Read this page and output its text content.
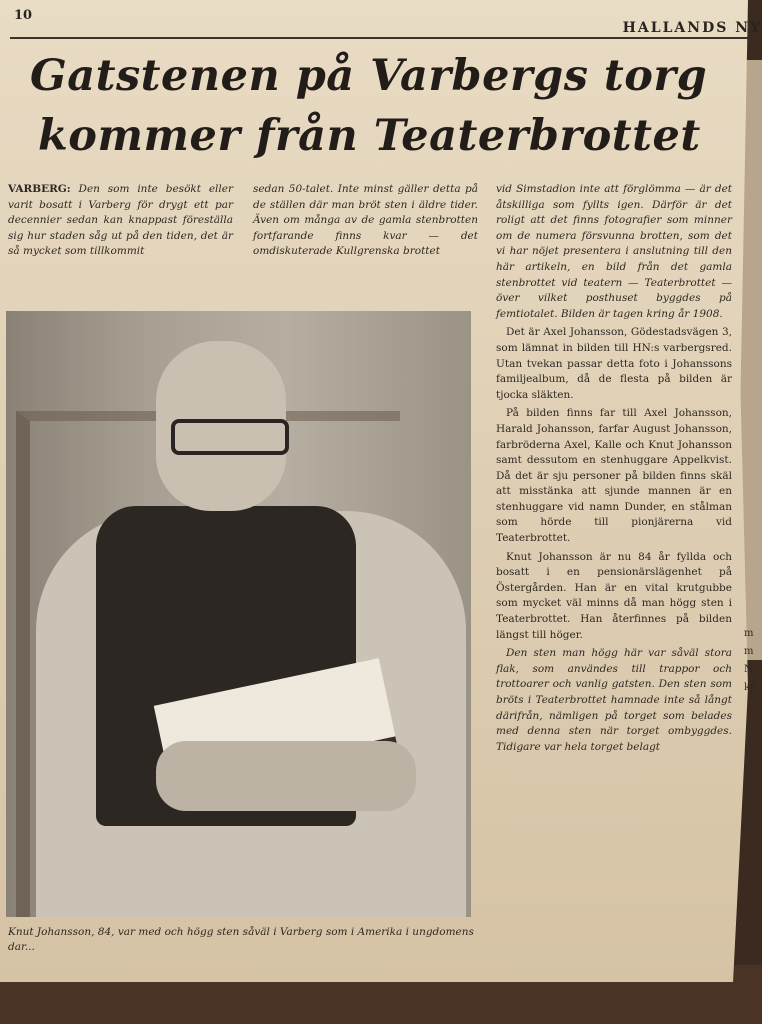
10
HALLANDS NY
Gatstenen på Varbergs torg
kommer från Teaterbrottet

VARBERG: Den som inte besökt eller varit bosatt i Varberg för drygt ett par decennier sedan kan knappast föreställa sig hur staden såg ut på den tiden, det är så mycket som tillkommit

sedan 50-talet. Inte minst gäller detta på de ställen där man bröt sten i äldre tider. Även om många av de gamla stenbrotten fortfarande finns kvar — det omdiskuterade Kullgrenska brottet

vid Simstadion inte att förglömma — är det åtskilliga som fyllts igen. Därför är det roligt att det finns fotografier som minner om de numera försvunna brotten, som det vi har nöjet presentera i anslutning till den här artikeln, en bild från det gamla stenbrottet vid teatern — Teaterbrottet — över vilket posthuset byggdes på femtiotalet. Bilden är tagen kring år 1908.

Det är Axel Johansson, Gödestadsvägen 3, som lämnat in bilden till HN:s varbergsred. Utan tvekan passar detta foto i Johanssons familjealbum, då de flesta på bilden är tjocka släkten.

På bilden finns far till Axel Johansson, Harald Johansson, farfar August Johansson, farbröderna Axel, Kalle och Knut Johansson samt dessutom en stenhuggare Appelkvist. Då det är sju personer på bilden finns skäl att misstänka att sjunde mannen är en stenhuggare vid namn Dunder, en stålman som hörde till pionjärerna vid Teaterbrottet.

Knut Johansson är nu 84 år fyllda och bosatt i en pensionärslägenhet på Östergården. Han är en vital krutgubbe som mycket väl minns då man högg sten i Teaterbrottet. Han återfinnes på bilden längst till höger.

Den sten man högg här var såväl stora flak, som användes till trappor och trottoarer och vanlig gatsten. Den sten som bröts i Teaterbrottet hamnade inte så långt därifrån, nämligen på torget som belades med denna sten när torget ombyggdes. Tidigare var hela torget belagt

Knut Johansson, 84, var med och högg sten såväl i Varberg som i Amerika i ungdomens dar...
m
m
N
kö
